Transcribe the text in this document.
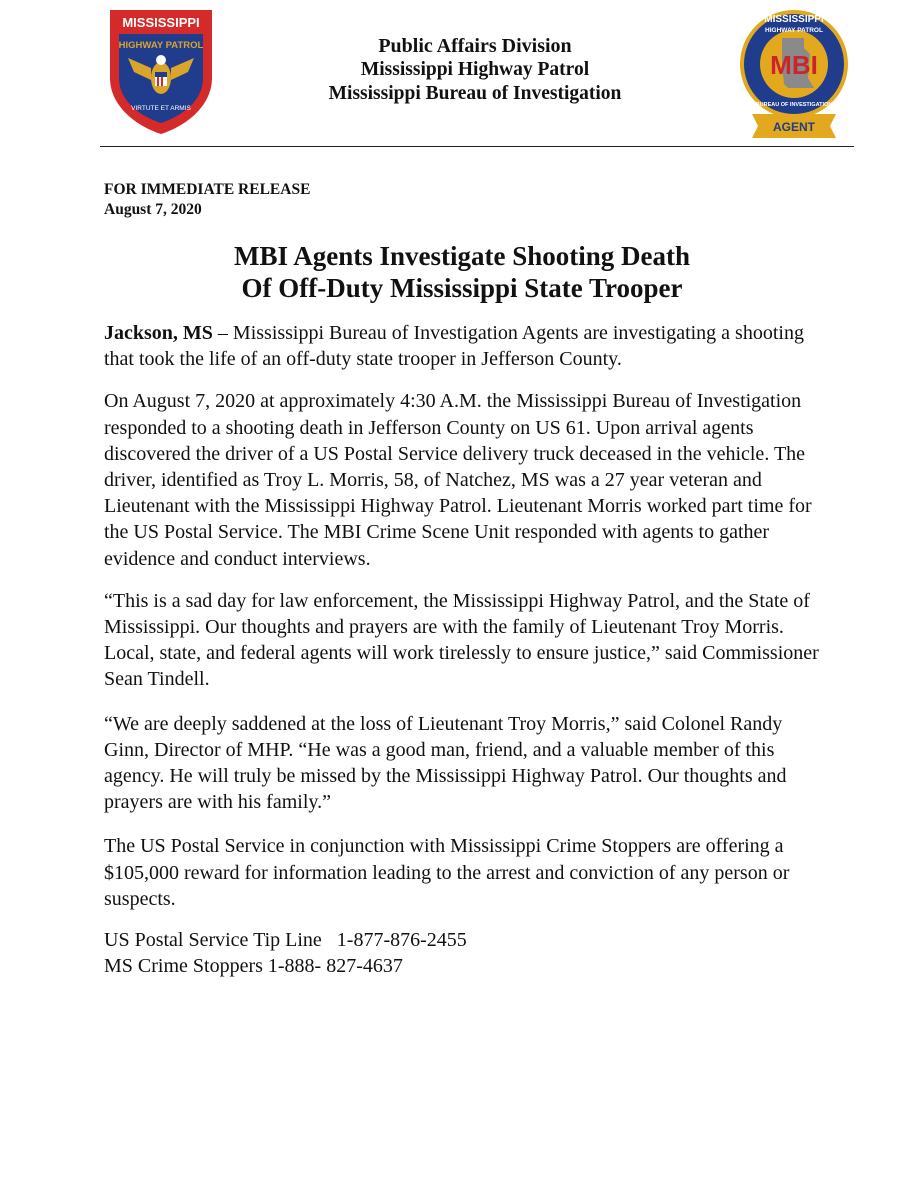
MISSISSIPPI
HIGHWAY PATROL
VIRTUTE ET ARMIS
Public Affairs Division
Mississippi Highway Patrol
Mississippi Bureau of Investigation
MISSISSIPPI
HIGHWAY PATROL
MBI
BUREAU OF INVESTIGATION
AGENT
FOR IMMEDIATE RELEASE
August 7, 2020
MBI Agents Investigate Shooting Death
Of Off-Duty Mississippi State Trooper

Jackson, MS – Mississippi Bureau of Investigation Agents are investigating a shooting that took the life of an off-duty state trooper in Jefferson County.

On August 7, 2020 at approximately 4:30 A.M. the Mississippi Bureau of Investigation responded to a shooting death in Jefferson County on US 61. Upon arrival agents discovered the driver of a US Postal Service delivery truck deceased in the vehicle. The driver, identified as Troy L. Morris, 58, of Natchez, MS was a 27 year veteran and Lieutenant with the Mississippi Highway Patrol. Lieutenant Morris worked part time for the US Postal Service. The MBI Crime Scene Unit responded with agents to gather evidence and conduct interviews.

“This is a sad day for law enforcement, the Mississippi Highway Patrol, and the State of Mississippi. Our thoughts and prayers are with the family of Lieutenant Troy Morris. Local, state, and federal agents will work tirelessly to ensure justice,” said Commissioner Sean Tindell.

“We are deeply saddened at the loss of Lieutenant Troy Morris,” said Colonel Randy Ginn, Director of MHP. “He was a good man, friend, and a valuable member of this agency. He will truly be missed by the Mississippi Highway Patrol. Our thoughts and prayers are with his family.”

The US Postal Service in conjunction with Mississippi Crime Stoppers are offering a $105,000 reward for information leading to the arrest and conviction of any person or suspects.

US Postal Service Tip Line   1-877-876-2455

MS Crime Stoppers 1-888- 827-4637
